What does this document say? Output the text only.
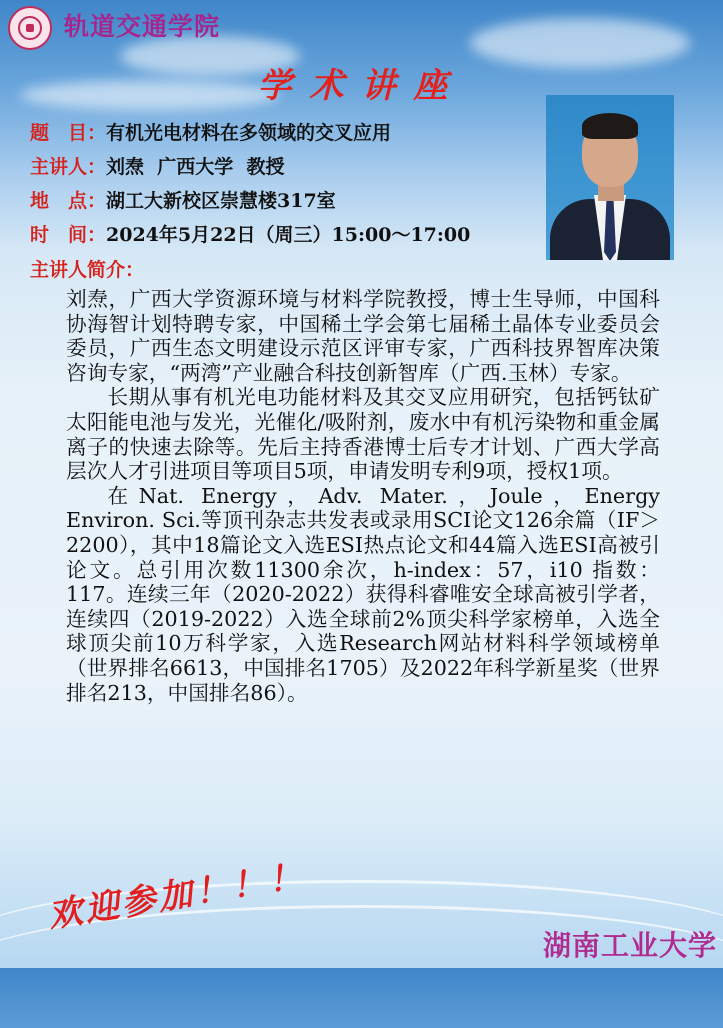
轨道交通学院
学术讲座
题　目：有机光电材料在多领域的交叉应用
主讲人：刘焘  广西大学  教授
地　点：湖工大新校区崇慧楼317室
时　间：2024年5月22日（周三）15:00～17:00
主讲人简介：

刘焘，广西大学资源环境与材料学院教授，博士生导师，中国科协海智计划特聘专家，中国稀土学会第七届稀土晶体专业委员会委员，广西生态文明建设示范区评审专家，广西科技界智库决策咨询专家，“两湾”产业融合科技创新智库（广西.玉林）专家。

长期从事有机光电功能材料及其交叉应用研究，包括钙钛矿太阳能电池与发光，光催化/吸附剂，废水中有机污染物和重金属离子的快速去除等。先后主持香港博士后专才计划、广西大学高层次人才引进项目等项目5项，申请发明专利9项，授权1项。

在Nat. Energy，Adv. Mater.，Joule，Energy Environ. Sci.等顶刊杂志共发表或录用SCI论文126余篇（IF＞2200），其中18篇论文入选ESI热点论文和44篇入选ESI高被引论文。总引用次数11300余次，h-index：57，i10 指数：117。连续三年（2020-2022）获得科睿唯安全球高被引学者，连续四（2019-2022）入选全球前2%顶尖科学家榜单，入选全球顶尖前10万科学家，入选Research网站材料科学领域榜单（世界排名6613，中国排名1705）及2022年科学新星奖（世界排名213，中国排名86）。

欢迎参加！！！
湖南工业大学
